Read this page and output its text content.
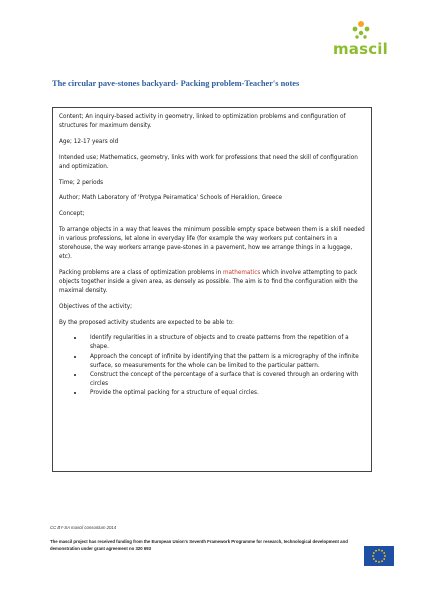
mascil
The circular pave-stones backyard- Packing problem-Teacher's notes

Content; An inquiry-based activity in geometry, linked to optimization problems and configuration of structures for maximum density.

Age; 12-17 years old

Intended use; Mathematics, geometry, links with work for professions that need the skill of configuration and optimization.

Time; 2 periods

Author; Math Laboratory of 'Protypa Peiramatica' Schools of Heraklion, Greece

Concept;

To arrange objects in a way that leaves the minimum possible empty space between them is a skill needed in various professions, let alone in everyday life (for example the way workers put containers in a storehouse, the way workers arrange pave-stones in a pavement, how we arrange things in a luggage, etc).

Packing problems are a class of optimization problems in mathematics which involve attempting to pack objects together inside a given area, as densely as possible. The aim is to find the configuration with the maximal density.

Objectives of the activity;

By the proposed activity students are expected to be able to:

• Identify regularities in a structure of objects and to create patterns from the repetition of a shape.
• Approach the concept of infinite by identifying that the pattern is a micrography of the infinite surface, so measurements for the whole can be limited to the particular pattern.
• Construct the concept of the percentage of a surface that is covered through an ordering with circles
• Provide the optimal packing for a structure of equal circles.
CC BY-SA mascil consortium 2014
The mascil project has received funding from the European Union's Seventh Framework Programme for research, technological development and demonstration under grant agreement no 320 693
